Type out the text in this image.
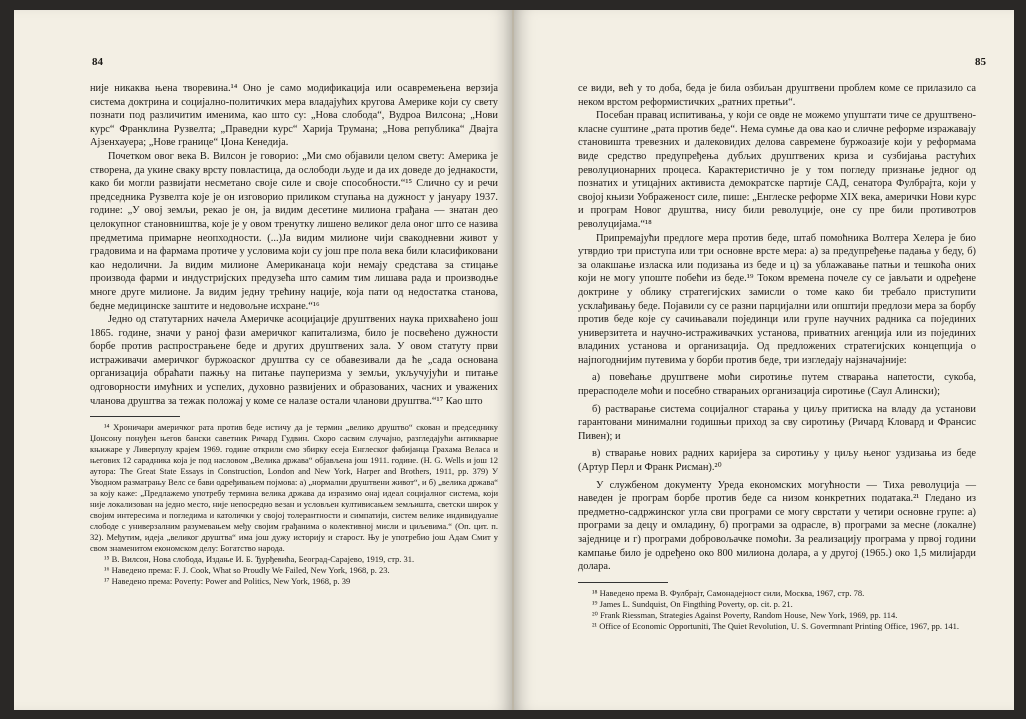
84

није никаква њена творевина.¹⁴ Оно је само модификација или осавремењена верзија система доктрина и социјално-политичких мера владајућих кругова Америке који су свету познати под различитим именима, као што су: „Нова слобода“, Вудроа Вилсона; „Нови курс“ Франклина Рузвелта; „Праведни курс“ Харија Трумана; „Нова република“ Двајта Ајзенхауера; „Нове границе“ Џона Кенедија.

Почетком овог века В. Вилсон је говорио: „Ми смо објавили целом свету: Америка је створена, да укине сваку врсту повластица, да ослободи људе и да их доведе до једнакости, како би могли развијати несметано своје силе и своје способности.“¹⁵ Слично су и речи председника Рузвелта које је он изговорио приликом ступања на дужност у јануару 1937. године: „У овој земљи, рекао је он, ја видим десетине милиона грађана — знатан део целокупног становништва, које је у овом тренутку лишено великог дела оног што се назива предметима примарне неопходности. (...)Ја видим милионе чији свакодневни живот у градовима и на фармама протиче у условима који су још пре пола века били класификовани као недолични. Ја видим милионе Американаца који немају средстава за стицање производа фарми и индустријских предузећа што самим тим лишава рада и производње многе друге милионе. Ја видим једну трећину нације, која пати од недостатка станова, бедне медицинске заштите и недовољне исхране.“¹⁶

Једно од статутарних начела Америчке асоцијације друштвених наука прихваћено још 1865. године, значи у раној фази америчког капитализма, било је посвећено дужности борбе против распрострањене беде и других друштвених зала. У овом статуту први истраживачи америчког буржоаског друштва су се обавезивали да ће „сада основана организација обраћати пажњу на питање пауперизма у земљи, укључујући и питање одговорности имућних и успелих, духовно развијених и образованих, часних и уважених чланова друштва за тежак положај у коме се налазе остали чланови друштва.“¹⁷ Као што

¹⁴ Хроничари америчког рата против беде истичу да је термин „велико друштво“ скован и председнику Џонсону понуђен његов бански саветник Ричард Гудвин. Скоро сасвим случајно, разгледајући антикварне књижаре у Ливерпулу крајем 1969. године открили смо збирку есеја Енглеског фабијанца Грахама Веласа и његових 12 сарадника која је под насловом „Велика држава“ објављена још 1911. године. (H. G. Wells и још 12 аутора: The Great State Essays in Construction, London and New York, Harper and Brothers, 1911, pp. 379) У Уводном разматрању Велс се бави одређивањем појмова: а) „нормални друштвени живот“, и б) „велика држава“ за коју каже: „Предлажемо употребу термина велика држава да изразимо онај идеал социјалног система, који није локализован на једно место, није непосредно везан и условљен култивисањем земљишта, светски широк у својим интересима и погледима и католички у својој толерантности и симпатији, систем велике индивидуалне слободе с универзалним разумевањем међу својим грађанима о колективној мисли и циљевима.“ (Оп. цит. п. 32). Међутим, идеја „великог друштва“ има још дужу историју и старост. Њу је употребио још Адам Смит у свом знаменитом економском делу: Богатство народа.

¹⁵ В. Вилсон, Нова слобода, Издање И. Б. Ђурђевића, Београд-Сарајево, 1919, стр. 31.

¹⁶ Наведено према: F. J. Cook, What so Proudly We Failed, New York, 1968, p. 23.

¹⁷ Наведено према: Poverty: Power and Politics, New York, 1968, p. 39

85

се види, већ у то доба, беда је била озбиљан друштвени проблем коме се прилазило са неком врстом реформистичких „ратних претњи“.

Посебан правац испитивања, у који се овде не можемо упуштати тиче се друштвено-класне суштине „рата против беде“. Нема сумње да ова као и сличне реформе изражавају становишта тревезних и далековидих делова савремене буржоазије који у реформама виде средство предупређења дубљих друштвених криза и сузбијања растућих револуционарних процеса. Карактеристично је у том погледу признање једног од познатих и утицајних активиста демократске партије САД, сенатора Фулбрајта, који у својој књизи Уображеност силе, пише: „Енглеске реформе XIX века, амерички Нови курс и програм Новог друштва, нису били револуције, оне су пре били противотров револуцијама.“¹⁸

Припремајући предлоге мера против беде, штаб помоћника Волтера Хелера је био утврдио три приступа или три основне врсте мера: а) за предупређење падања у беду, б) за олакшање изласка или подизања из беде и ц) за ублажавање патњи и тешкоћа оних који не могу упоште побећи из беде.¹⁹ Током времена почеле су се јављати и одређене доктрине у облику стратегијских замисли о томе како би требало приступити усклађивању беде. Појавили су се разни парцијални или општији предлози мера за борбу против беде које су сачињавали појединци или групе научних радника са појединих универзитета и научно-истраживачких установа, приватних агенција или из појединих владиних установа и организација. Од предложених стратегијских концепција о најпогоднијим путевима у борби против беде, три изгледају најзначајније:

а) повећање друштвене моћи сиротиње путем стварања напетости, сукоба, прерасподеле моћи и посебно стварањих организација сиротиње (Саул Алински);

б) растварање система социјалног старања у циљу притиска на владу да установи гарантовани минимални годишњи приход за сву сиротињу (Ричард Кловард и Франсис Пивен); и

в) стварање нових радних каријера за сиротињу у циљу њеног уздизања из беде (Артур Перл и Франк Рисман).²⁰

У службеном документу Уреда економских могућности — Тиха револуција — наведен је програм борбе против беде са низом конкретних података.²¹ Гледано из предметно-садржинског угла сви програми се могу сврстати у четири основне групе: а) програми за децу и омладину, б) програми за одрасле, в) програми за месне (локалне) заједнице и г) програми добровољачке помоћи. За реализацију програма у првој години кампање било је одређено око 800 милиона долара, а у другој (1965.) око 1,5 милијарди долара.

¹⁸ Наведено према В. Фулбрајт, Самонадејност сили, Москва, 1967, стр. 78.

¹⁹ James L. Sundquist, On Fingthing Poverty, op. cit. p. 21.

²⁰ Frank Riessman, Strategies Against Poverty, Random House, New York, 1969, pp. 114.

²¹ Office of Economic Opportuniti, The Quiet Revolution, U. S. Govermnant Printing Office, 1967, pp. 141.
